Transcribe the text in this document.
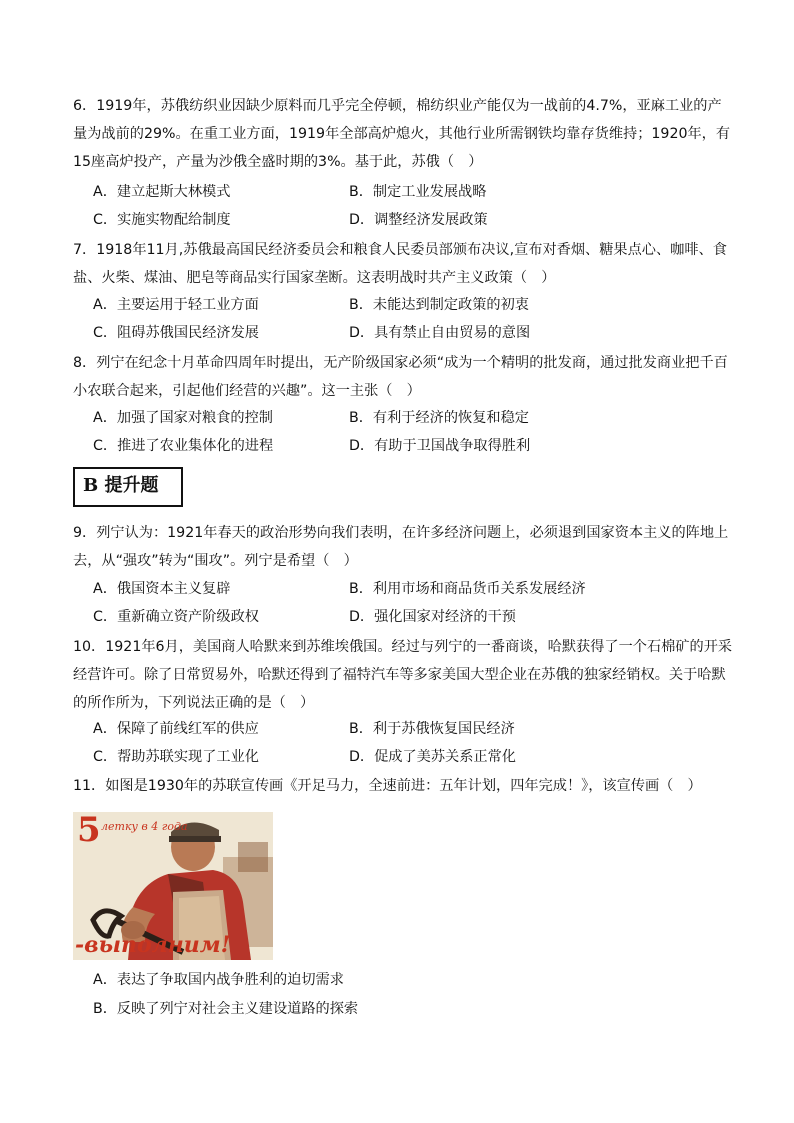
6．1919年，苏俄纺织业因缺少原料而几乎完全停顿，棉纺织业产能仅为一战前的4.7%，亚麻工业的产量为战前的29%。在重工业方面，1919年全部高炉熄火，其他行业所需钢铁均靠存货维持；1920年，有15座高炉投产，产量为沙俄全盛时期的3%。基于此，苏俄（　）

A．建立起斯大林模式	B．制定工业发展战略
C．实施实物配给制度	D．调整经济发展政策

7．1918年11月,苏俄最高国民经济委员会和粮食人民委员部颁布决议,宣布对香烟、糖果点心、咖啡、食盐、火柴、煤油、肥皂等商品实行国家垄断。这表明战时共产主义政策（　）

A．主要运用于轻工业方面	B．未能达到制定政策的初衷
C．阻碍苏俄国民经济发展	D．具有禁止自由贸易的意图

8．列宁在纪念十月革命四周年时提出，无产阶级国家必须“成为一个精明的批发商，通过批发商业把千百小农联合起来，引起他们经营的兴趣”。这一主张（　）

A．加强了国家对粮食的控制	B．有利于经济的恢复和稳定
C．推进了农业集体化的进程	D．有助于卫国战争取得胜利
B 提升题

9．列宁认为：1921年春天的政治形势向我们表明，在许多经济问题上，必须退到国家资本主义的阵地上去，从“强攻”转为“围攻”。列宁是希望（　）

A．俄国资本主义复辟	B．利用市场和商品货币关系发展经济
C．重新确立资产阶级政权	D．强化国家对经济的干预

10．1921年6月，美国商人哈默来到苏维埃俄国。经过与列宁的一番商谈，哈默获得了一个石棉矿的开采经营许可。除了日常贸易外，哈默还得到了福特汽车等多家美国大型企业在苏俄的独家经销权。关于哈默的所作所为，下列说法正确的是（　）

A．保障了前线红军的供应	B．利于苏俄恢复国民经济
C．帮助苏联实现了工业化	D．促成了美苏关系正常化

11．如图是1930年的苏联宣传画《开足马力，全速前进：五年计划，四年完成！》，该宣传画（　）

5 летку в 4 года
-выполним!
A．表达了争取国内战争胜利的迫切需求
B．反映了列宁对社会主义建设道路的探索
